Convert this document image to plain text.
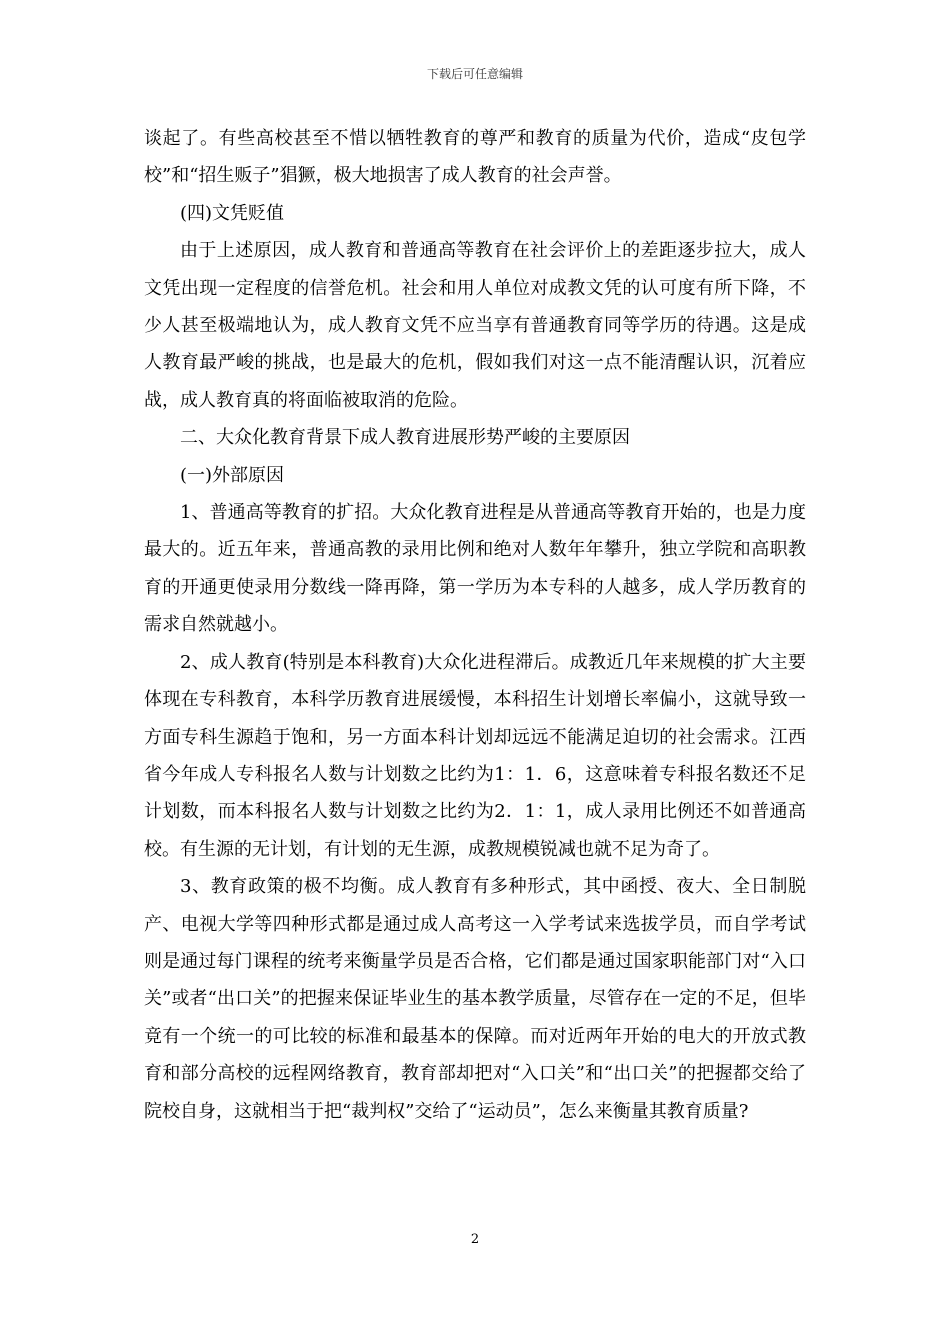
下载后可任意编辑

谈起了。有些高校甚至不惜以牺牲教育的尊严和教育的质量为代价，造成“皮包学校”和“招生贩子”猖獗，极大地损害了成人教育的社会声誉。

(四)文凭贬值

由于上述原因，成人教育和普通高等教育在社会评价上的差距逐步拉大，成人文凭出现一定程度的信誉危机。社会和用人单位对成教文凭的认可度有所下降，不少人甚至极端地认为，成人教育文凭不应当享有普通教育同等学历的待遇。这是成人教育最严峻的挑战，也是最大的危机，假如我们对这一点不能清醒认识，沉着应战，成人教育真的将面临被取消的危险。

二、大众化教育背景下成人教育进展形势严峻的主要原因

(一)外部原因

1、普通高等教育的扩招。大众化教育进程是从普通高等教育开始的，也是力度最大的。近五年来，普通高教的录用比例和绝对人数年年攀升，独立学院和高职教育的开通更使录用分数线一降再降，第一学历为本专科的人越多，成人学历教育的需求自然就越小。

2、成人教育(特别是本科教育)大众化进程滞后。成教近几年来规模的扩大主要体现在专科教育，本科学历教育进展缓慢，本科招生计划增长率偏小，这就导致一方面专科生源趋于饱和，另一方面本科计划却远远不能满足迫切的社会需求。江西省今年成人专科报名人数与计划数之比约为1：1．6，这意味着专科报名数还不足计划数，而本科报名人数与计划数之比约为2．1：1，成人录用比例还不如普通高校。有生源的无计划，有计划的无生源，成教规模锐减也就不足为奇了。

3、教育政策的极不均衡。成人教育有多种形式，其中函授、夜大、全日制脱产、电视大学等四种形式都是通过成人高考这一入学考试来选拔学员，而自学考试则是通过每门课程的统考来衡量学员是否合格，它们都是通过国家职能部门对“入口关”或者“出口关”的把握来保证毕业生的基本教学质量，尽管存在一定的不足，但毕竟有一个统一的可比较的标准和最基本的保障。而对近两年开始的电大的开放式教育和部分高校的远程网络教育，教育部却把对“入口关”和“出口关”的把握都交给了院校自身，这就相当于把“裁判权”交给了“运动员”，怎么来衡量其教育质量?

2
